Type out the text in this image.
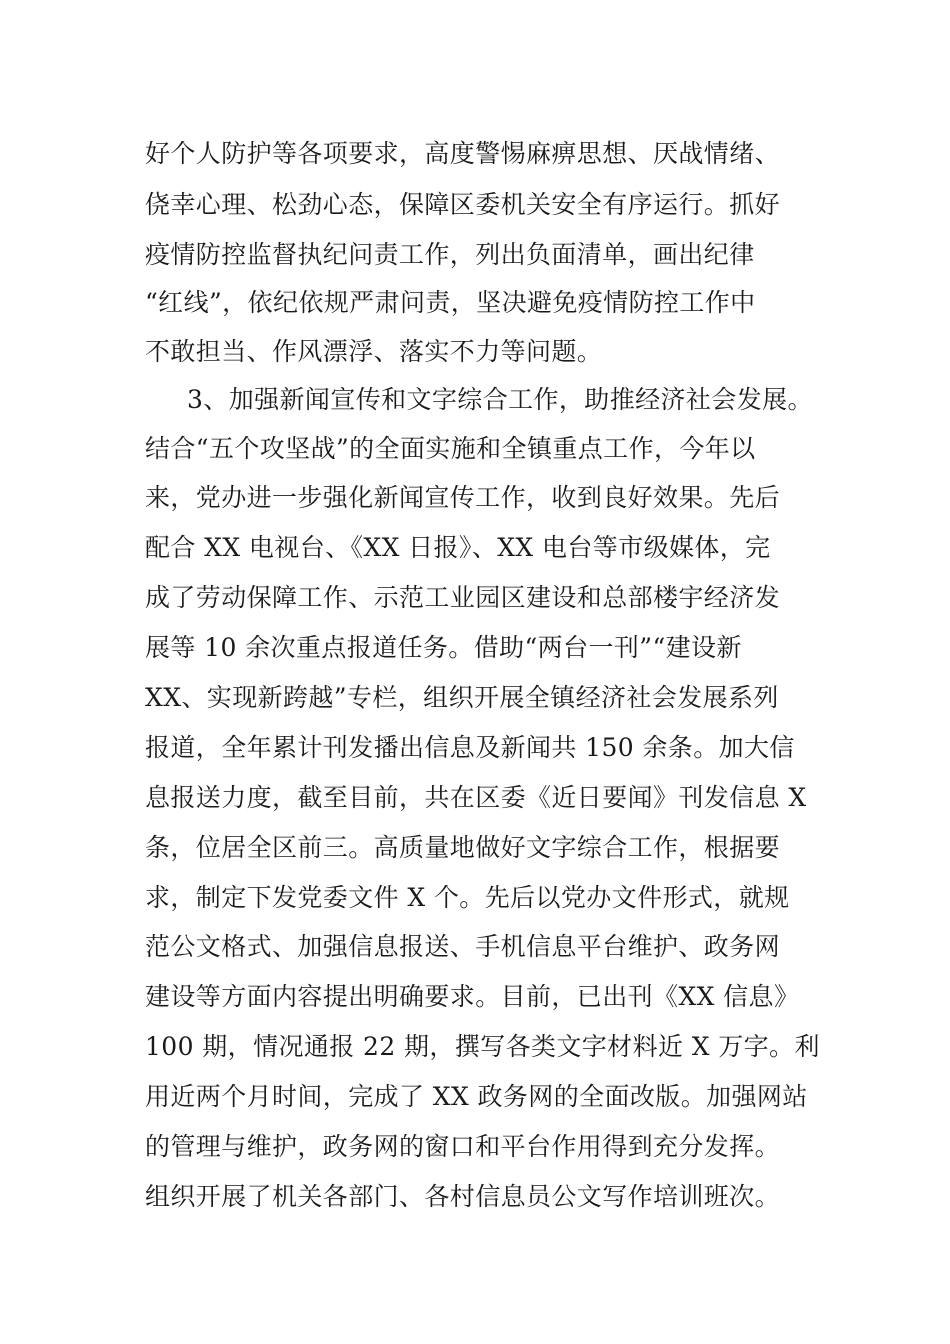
好个人防护等各项要求，高度警惕麻痹思想、厌战情绪、
侥幸心理、松劲心态，保障区委机关安全有序运行。抓好
疫情防控监督执纪问责工作，列出负面清单，画出纪律
“红线”，依纪依规严肃问责，坚决避免疫情防控工作中
不敢担当、作风漂浮、落实不力等问题。
3、加强新闻宣传和文字综合工作，助推经济社会发展。
结合“五个攻坚战”的全面实施和全镇重点工作，今年以
来，党办进一步强化新闻宣传工作，收到良好效果。先后
配合 XX 电视台、《XX 日报》、XX 电台等市级媒体，完
成了劳动保障工作、示范工业园区建设和总部楼宇经济发
展等 10 余次重点报道任务。借助“两台一刊”“建设新
XX、实现新跨越”专栏，组织开展全镇经济社会发展系列
报道，全年累计刊发播出信息及新闻共 150 余条。加大信
息报送力度，截至目前，共在区委《近日要闻》刊发信息 X
条，位居全区前三。高质量地做好文字综合工作，根据要
求，制定下发党委文件 X 个。先后以党办文件形式，就规
范公文格式、加强信息报送、手机信息平台维护、政务网
建设等方面内容提出明确要求。目前，已出刊《XX 信息》
100 期，情况通报 22 期，撰写各类文字材料近 X 万字。利
用近两个月时间，完成了 XX 政务网的全面改版。加强网站
的管理与维护，政务网的窗口和平台作用得到充分发挥。
组织开展了机关各部门、各村信息员公文写作培训班次。
